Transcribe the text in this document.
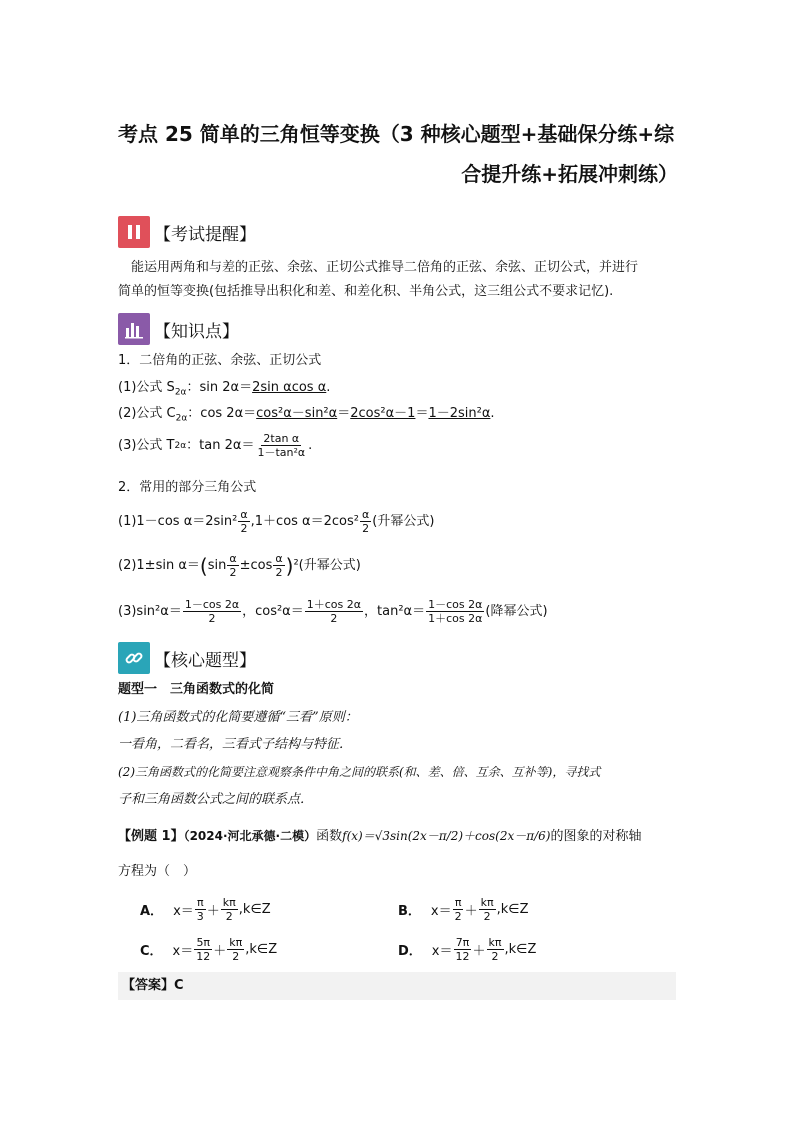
考点 25 简单的三角恒等变换（3 种核心题型+基础保分练+综
合提升练+拓展冲刺练）
【考试提醒】
能运用两角和与差的正弦、余弦、正切公式推导二倍角的正弦、余弦、正切公式，并进行
简单的恒等变换(包括推导出积化和差、和差化积、半角公式，这三组公式不要求记忆).
【知识点】
1．二倍角的正弦、余弦、正切公式
(1)公式 $S_{2\alpha}$：sin 2α＝2sin αcos α.
(2)公式 $C_{2\alpha}$：cos 2α＝cos²α－sin²α＝2cos²α－1＝1－2sin²α.
(3)公式 T 2α ：$\tan 2\alpha= \frac{\text{2tan α}}{\text{1－tan²α}}$ .
2．常用的部分三角公式
(1)1－cos $\alpha=2\sin^2 \frac{\alpha}{2} ,1+\cos$ $\alpha=2\cos^2 \frac{\alpha}{2}$ (升幂公式)
(2)1±sin α＝ ( $\sin \frac{\alpha}{2} \pm\cos \frac{\alpha}{2}$ ) ²(升幂公式)
$(3)\sin^2\alpha= \frac{1-\cos 2\alpha}{2}$ ，$\cos^2\alpha= \frac{1+\cos 2\alpha}{2}$ ，$\tan^2\alpha= \frac{1-\cos 2\alpha}{1+\cos 2\alpha}$ (降幂公式)
【核心题型】
题型一　三角函数式的化简
(1)三角函数式的化简要遵循“三看”原则：
一看角，二看名，三看式子结构与特征．
(2)三角函数式的化简要注意观察条件中角之间的联系(和、差、倍、互余、互补等)，寻找式
子和三角函数公式之间的联系点．
【例题 1】（2024·河北承德·二模）函数f(x)＝√3sin(2x－π/2)＋cos(2x－π/6)的图象的对称轴
方程为（　）
A． $x= \frac{\pi}{3} + \frac{k\pi}{2}$ ,k∈Z	B． $x= \frac{\pi}{2} + \frac{k\pi}{2}$ ,k∈Z
C． $x= \frac{5\pi}{12} + \frac{k\pi}{2}$ ,k∈Z	D． $x= \frac{7\pi}{12} + \frac{k\pi}{2}$ ,k∈Z
【答案】C
